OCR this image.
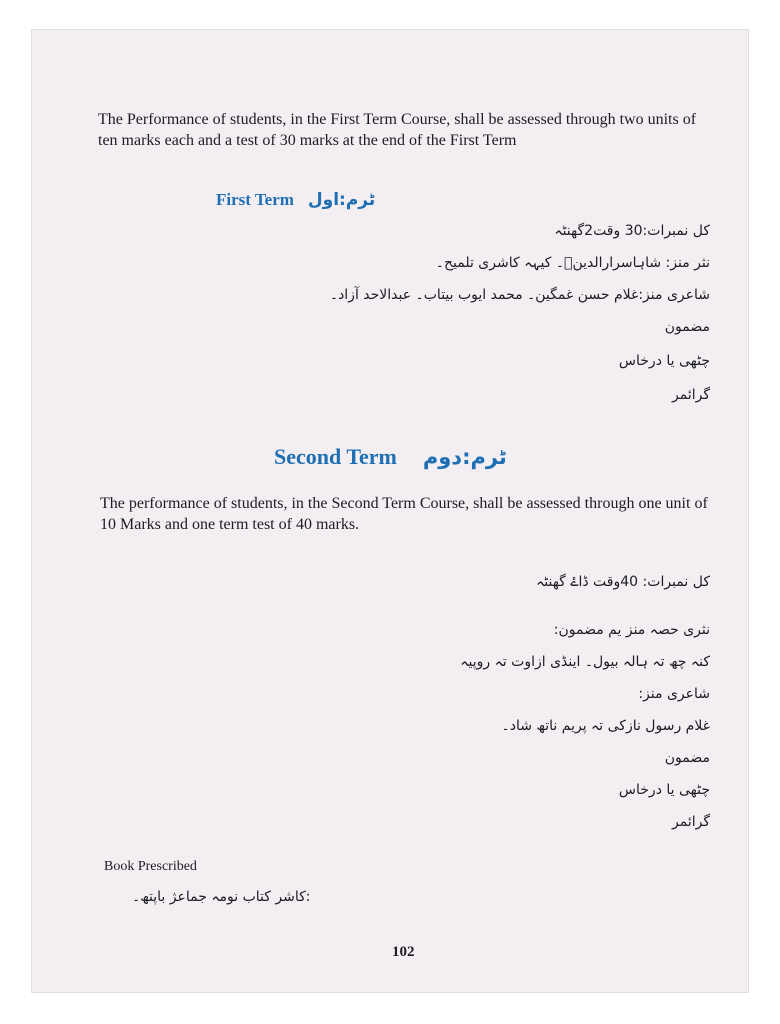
The Performance of students, in the First Term Course, shall be assessed through two units of ten marks each and a test of 30 marks at the end of the First Term

First Term ٹرم:اول
کل نمبرات:30 وقت2گھنٹہ
نثر منز: شاہاسرارالدینؒ۔ کیہہ کاشری تلمیح۔
شاعری منز:غلام حسن غمگین۔ محمد ایوب بیتاب۔ عبدالاحد آزاد۔
مضمون
چٹھی یا درخاس
گرائمر
Second Term ٹرم:دوم

The performance of students, in the Second Term Course, shall be assessed through one unit of 10 Marks and one term test of 40 marks.

کل نمبرات: 40وقت ڈاۓ گھنٹہ
نثری حصہ منز یم مضمون:
کنہ چھ تہ ہالہ بیول۔ اینڈی ازاوت تہ روپیہ
شاعری منز:
غلام رسول نازکی تہ پریم ناتھ شاد۔
مضمون
چٹھی یا درخاس
گرائمر
Book Prescribed
:کاشر کتاب نومہ جماعژ باپتھ۔
102
